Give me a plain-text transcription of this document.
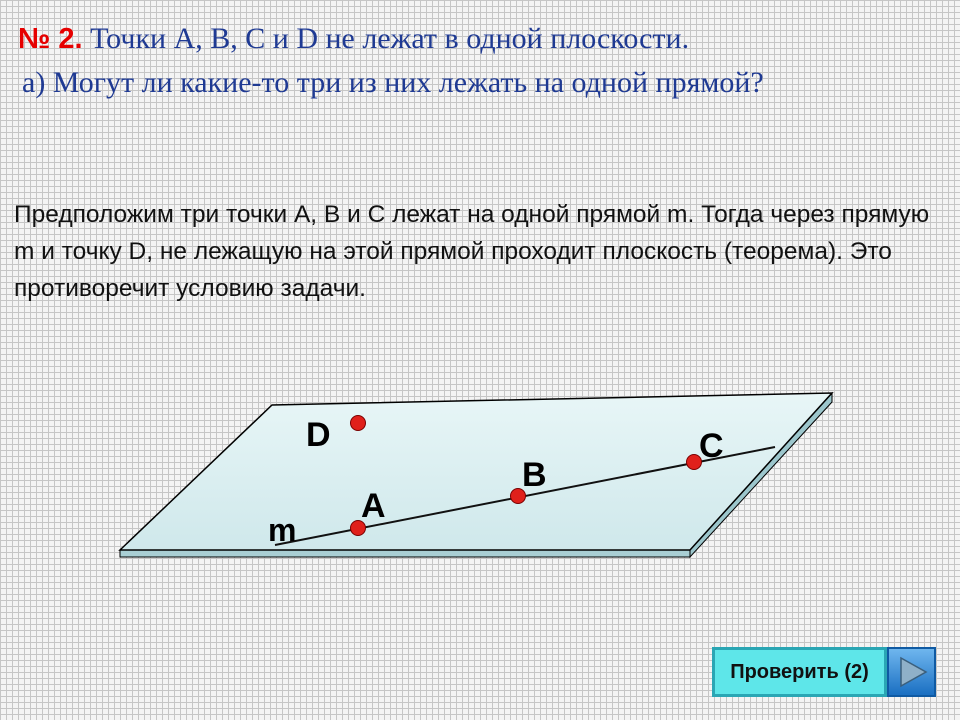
№ 2. Точки А, В, С и D не лежат в одной плоскости.
а) Могут ли какие-то три из них лежать на одной прямой?

Предположим три точки А, В и С лежат на одной прямой m. Тогда через прямую m и точку D, не лежащую на этой прямой проходит плоскость (теорема). Это противоречит условию задачи.

D	C
B
A
m
Проверить (2)
